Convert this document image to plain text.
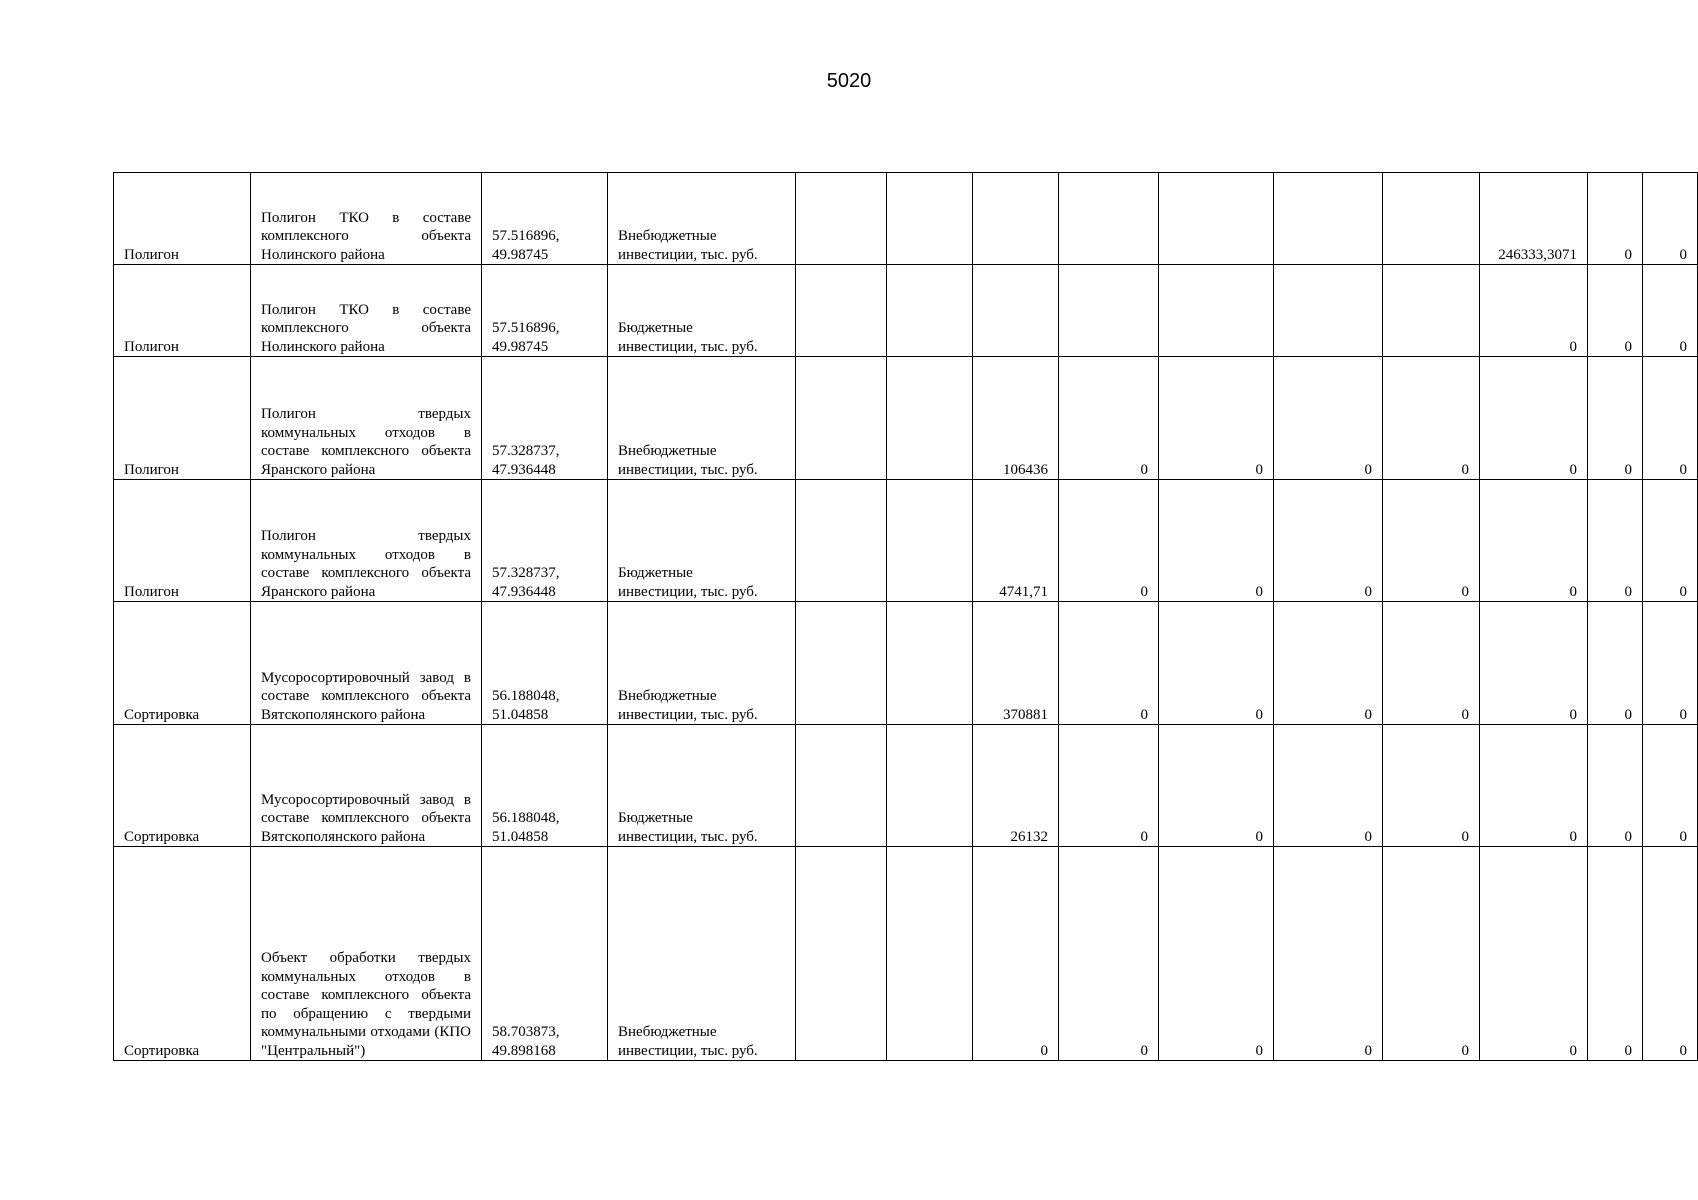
5020
Полигон	Полигон ТКО в составе комплексного объекта Нолинского района	57.516896,
49.98745	Внебюджетные
инвестиции, тыс. руб.								246333,3071	0	0
Полигон	Полигон ТКО в составе комплексного объекта Нолинского района	57.516896,
49.98745	Бюджетные
инвестиции, тыс. руб.								0	0	0
Полигон	Полигон твердых коммунальных отходов в составе комплексного объекта Яранского района	57.328737,
47.936448	Внебюджетные
инвестиции, тыс. руб.			106436	0	0	0	0	0	0	0
Полигон	Полигон твердых коммунальных отходов в составе комплексного объекта Яранского района	57.328737,
47.936448	Бюджетные
инвестиции, тыс. руб.			4741,71	0	0	0	0	0	0	0
Сортировка	Мусоросортировочный завод в составе комплексного объекта Вятскополянского района	56.188048,
51.04858	Внебюджетные
инвестиции, тыс. руб.			370881	0	0	0	0	0	0	0
Сортировка	Мусоросортировочный завод в составе комплексного объекта Вятскополянского района	56.188048,
51.04858	Бюджетные
инвестиции, тыс. руб.			26132	0	0	0	0	0	0	0
Сортировка	Объект обработки твердых коммунальных отходов в составе комплексного объекта по обращению с твердыми коммунальными отходами (КПО "Центральный")	58.703873,
49.898168	Внебюджетные
инвестиции, тыс. руб.			0	0	0	0	0	0	0	0
